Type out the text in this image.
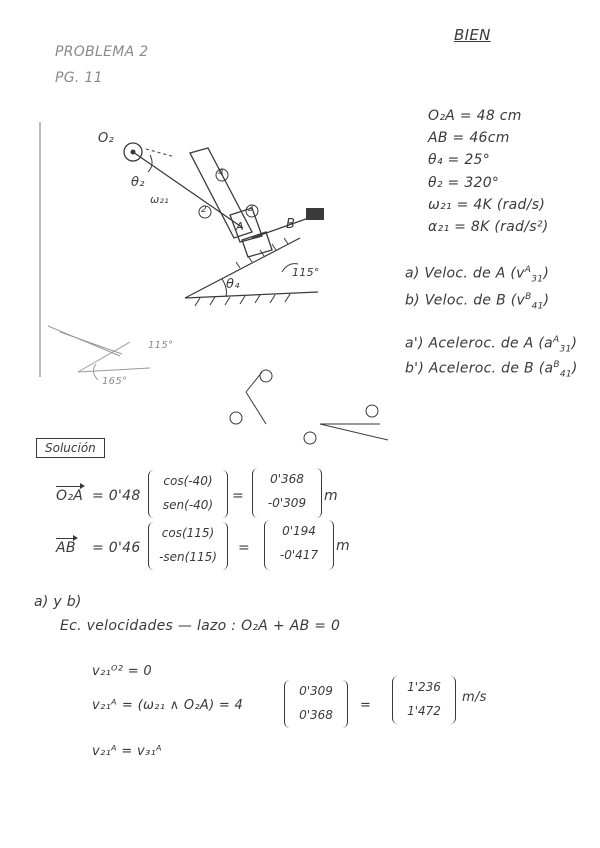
PROBLEMA 2
PG. 11
BIEN
O₂
θ₂
ω₂₁
A	B
θ₄
115°
4
2	3
115°
165°
O₂A = 48 cm
AB = 46cm
θ₄ = 25°
θ₂ = 320°
ω₂₁ = 4K (rad/s)
α₂₁ = 8K (rad/s²)
a) Veloc. de A $(v^A_{31})$
b) Veloc. de B $(v^B_{41})$
a') Aceleroc. de A $(a^A_{31})$
b') Aceleroc. de B $(a^B_{41})$
Solución
O₂A = 0'48
cos(-40)
sen(-40)
=
0'368
-0'309	m
AB = 0'46
cos(115)
-sen(115)
=
0'194
-0'417
m
a) y b)
Ec. velocidades — lazo : O₂A + AB = 0
v₂₁ᴼ² = 0
v₂₁ᴬ = (ω₂₁ ∧ O₂A) = 4
0'309
0'368
=
1'236
1'472
m/s
v₂₁ᴬ = v₃₁ᴬ
